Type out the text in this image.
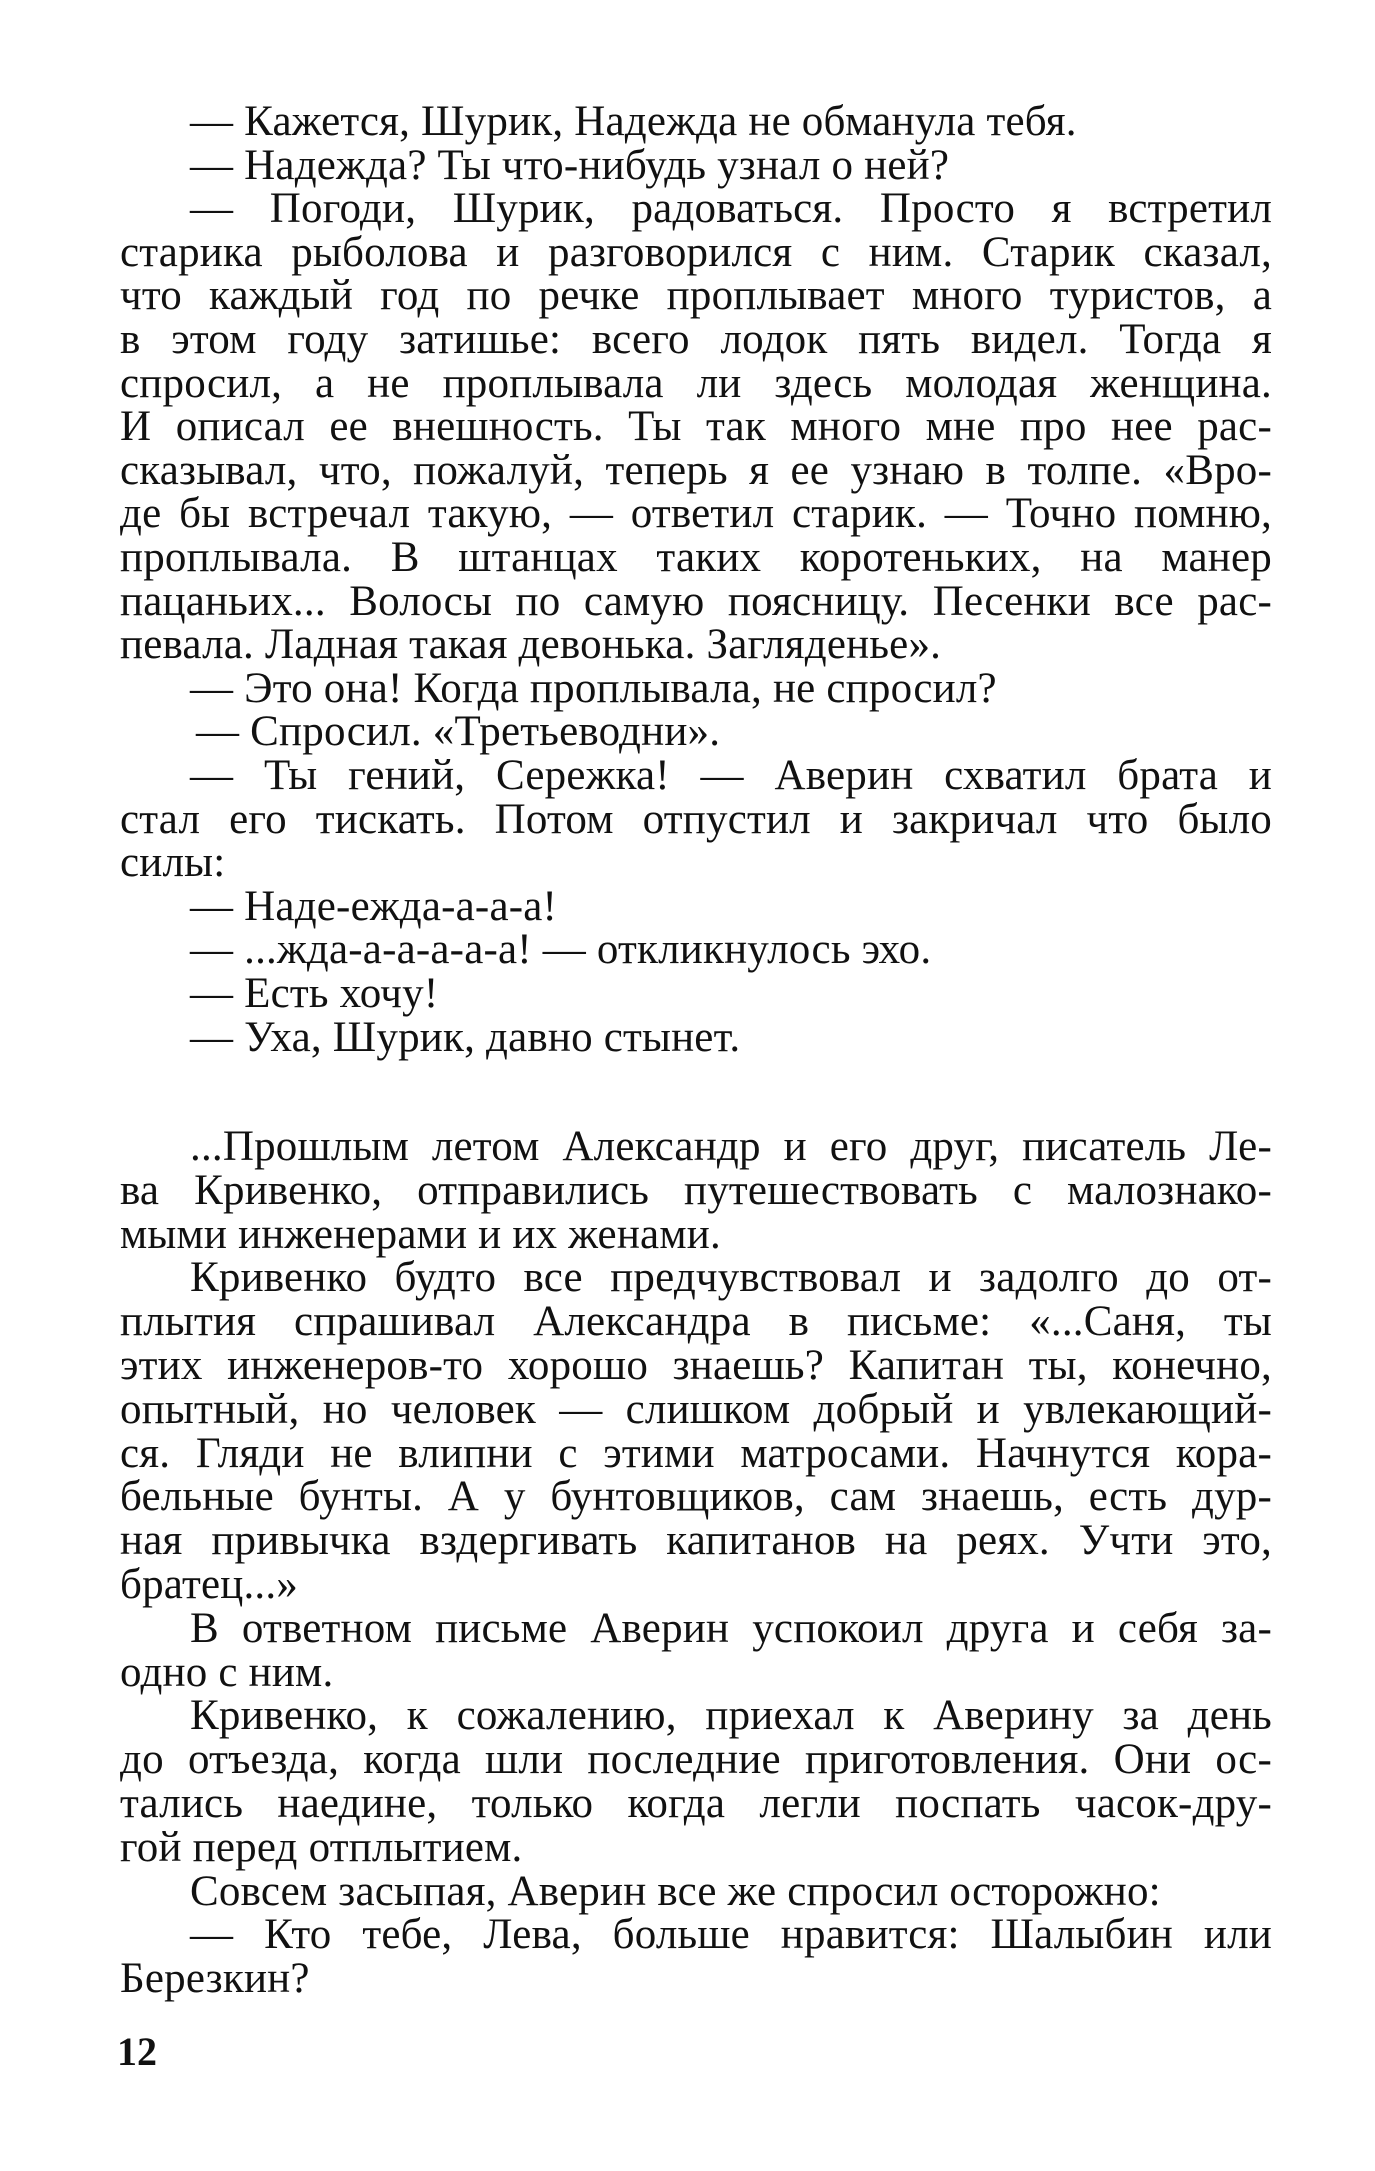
— Кажется, Шурик, Надежда не обманула тебя.
— Надежда? Ты что-нибудь узнал о ней?
— Погоди, Шурик, радоваться. Просто я встретил
старика рыболова и разговорился с ним. Старик сказал,
что каждый год по речке проплывает много туристов, а
в этом году затишье: всего лодок пять видел. Тогда я
спросил, а не проплывала ли здесь молодая женщина.
И описал ее внешность. Ты так много мне про нее рас-
сказывал, что, пожалуй, теперь я ее узнаю в толпе. «Вро-
де бы встречал такую, — ответил старик. — Точно помню,
проплывала. В штанцах таких коротеньких, на манер
пацаньих... Волосы по самую поясницу. Песенки все рас-
певала. Ладная такая девонька. Загляденье».
— Это она! Когда проплывала, не спросил?
— Спросил. «Третьеводни».
— Ты гений, Сережка! — Аверин схватил брата и
стал его тискать. Потом отпустил и закричал что было
силы:
— Наде-ежда-а-а-а!
— ...жда-а-а-а-а-а! — откликнулось эхо.
— Есть хочу!
— Уха, Шурик, давно стынет.
...Прошлым летом Александр и его друг, писатель Ле-
ва Кривенко, отправились путешествовать с малознако-
мыми инженерами и их женами.
Кривенко будто все предчувствовал и задолго до от-
плытия спрашивал Александра в письме: «...Саня, ты
этих инженеров-то хорошо знаешь? Капитан ты, конечно,
опытный, но человек — слишком добрый и увлекающий-
ся. Гляди не влипни с этими матросами. Начнутся кора-
бельные бунты. А у бунтовщиков, сам знаешь, есть дур-
ная привычка вздергивать капитанов на реях. Учти это,
братец...»
В ответном письме Аверин успокоил друга и себя за-
одно с ним.
Кривенко, к сожалению, приехал к Аверину за день
до отъезда, когда шли последние приготовления. Они ос-
тались наедине, только когда легли поспать часок-дру-
гой перед отплытием.
Совсем засыпая, Аверин все же спросил осторожно:
— Кто тебе, Лева, больше нравится: Шалыбин или
Березкин?
12
